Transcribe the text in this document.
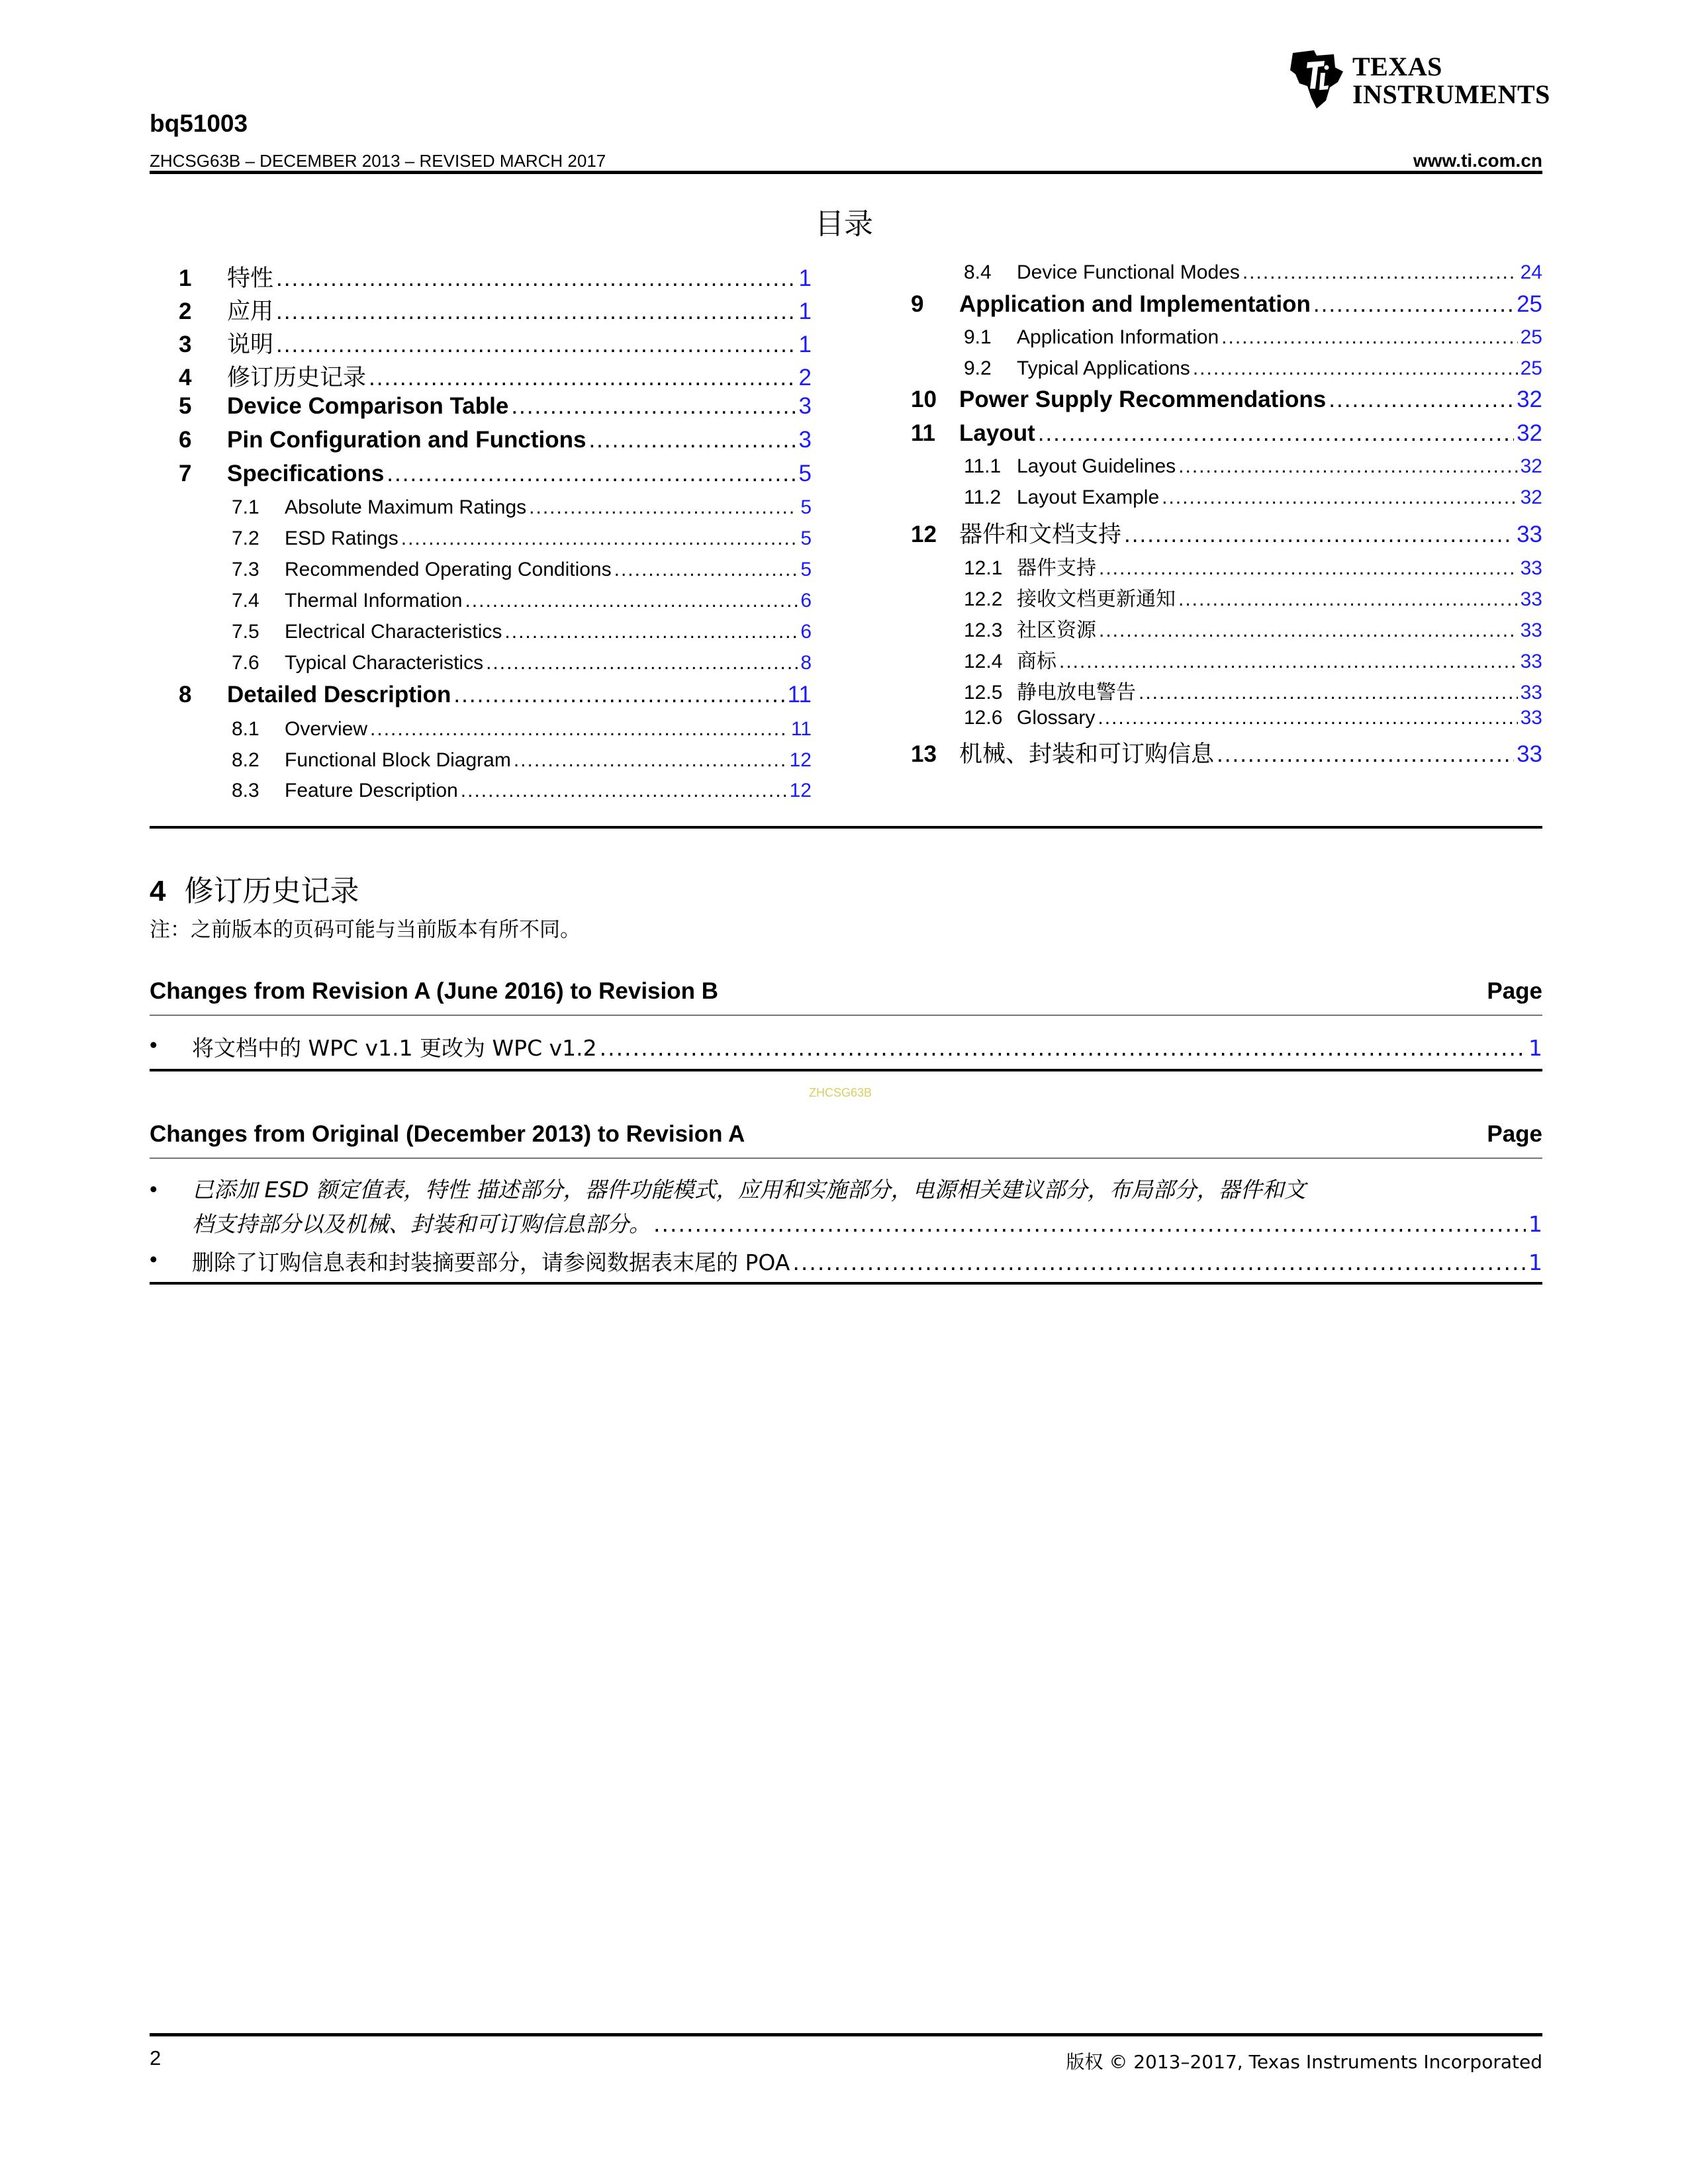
TEXAS
INSTRUMENTS
bq51003
ZHCSG63B – DECEMBER 2013 – REVISED MARCH 2017	www.ti.com.cn
目录
1	特性 .....	1
2	应用 .....	1
3	说明 .....	1
4	修订历史记录 .....	2
5	Device Comparison Table .....	3
6	Pin Configuration and Functions .....	3
7	Specifications .....	5
7.1	Absolute Maximum Ratings .....	5
7.2	ESD Ratings .....	5
7.3	Recommended Operating Conditions .....	5
7.4	Thermal Information .....	6
7.5	Electrical Characteristics .....	6
7.6	Typical Characteristics .....	8
8	Detailed Description .....	11
8.1	Overview .....	11
8.2	Functional Block Diagram .....	12
8.3	Feature Description .....	12
8.4	Device Functional Modes .....	24
9	Application and Implementation .....	25
9.1	Application Information .....	25
9.2	Typical Applications .....	25
10 Power Supply Recommendations .....	32
11	Layout .....	32
11.1 Layout Guidelines .....	32
11.2 Layout Example .....	32
12 器件和文档支持 .....	33
12.1 器件支持 .....	33
12.2 接收文档更新通知 .....	33
12.3 社区资源 .....	33
12.4 商标 .....	33
12.5 静电放电警告 .....	33
12.6 Glossary .....	33
13 机械、封装和可订购信息 .....	33
4 修订历史记录
注：之前版本的页码可能与当前版本有所不同。
Changes from Revision A (June 2016) to Revision B	Page
• 将文档中的 WPC v1.1 更改为 WPC v1.2 .....	1
ZHCSG63B
Changes from Original (December 2013) to Revision A	Page
• 已添加 ESD 额定值表，特性 描述部分，器件功能模式，应用和实施部分，电源相关建议部分，布局部分，器件和文
档支持部分以及机械、封装和可订购信息部分。 .....	1
• 删除了订购信息表和封装摘要部分，请参阅数据表末尾的 POA .....	1
2	版权 © 2013–2017, Texas Instruments Incorporated
